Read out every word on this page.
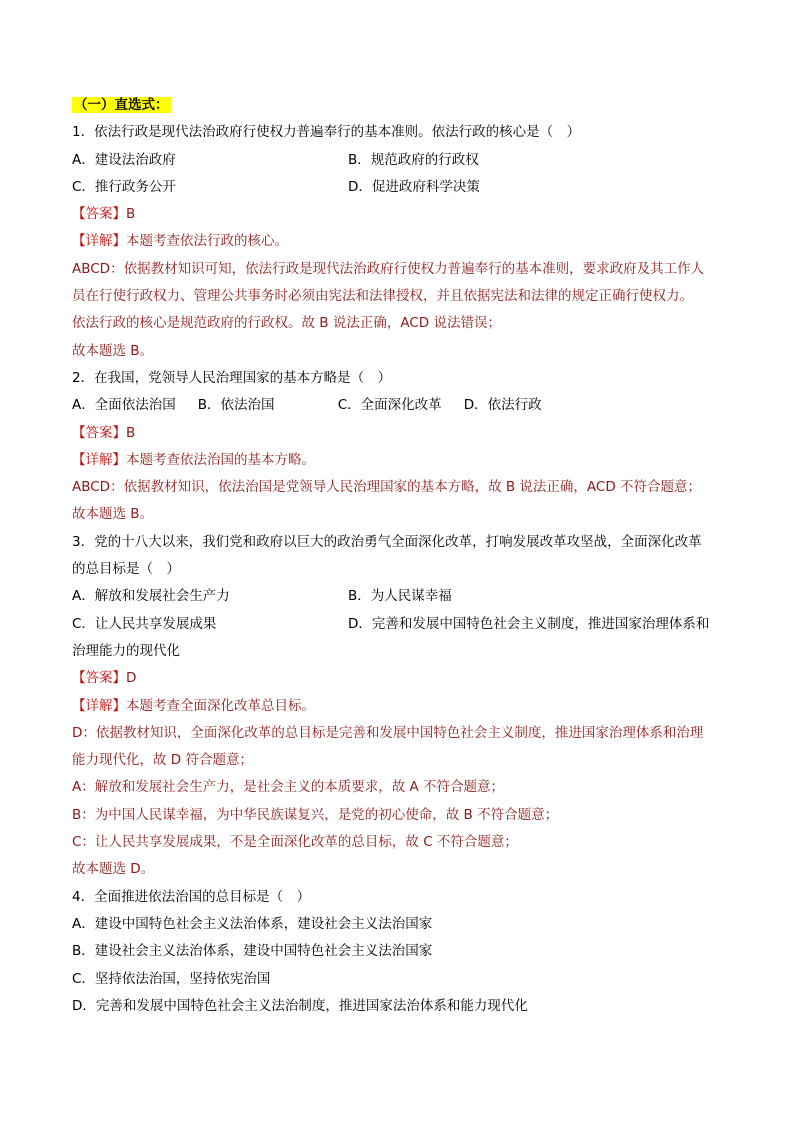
（一）直选式：
1．依法行政是现代法治政府行使权力普遍奉行的基本准则。依法行政的核心是（　）
A．建设法治政府	B．规范政府的行政权
C．推行政务公开	D．促进政府科学决策
【答案】B
【详解】本题考查依法行政的核心。
ABCD：依据教材知识可知，依法行政是现代法治政府行使权力普遍奉行的基本准则，要求政府及其工作人
员在行使行政权力、管理公共事务时必须由宪法和法律授权，并且依据宪法和法律的规定正确行使权力。
依法行政的核心是规范政府的行政权。故 B 说法正确，ACD 说法错误；
故本题选 B。
2．在我国，党领导人民治理国家的基本方略是（　）
A．全面依法治国 B．依法治国	C．全面深化改革 D．依法行政
【答案】B
【详解】本题考查依法治国的基本方略。
ABCD：依据教材知识，依法治国是党领导人民治理国家的基本方略，故 B 说法正确，ACD 不符合题意；
故本题选 B。
3．党的十八大以来，我们党和政府以巨大的政治勇气全面深化改革，打响发展改革攻坚战，全面深化改革
的总目标是（　）
A．解放和发展社会生产力	B．为人民谋幸福
C．让人民共享发展成果	D．完善和发展中国特色社会主义制度，推进国家治理体系和
治理能力的现代化
【答案】D
【详解】本题考查全面深化改革总目标。
D：依据教材知识，全面深化改革的总目标是完善和发展中国特色社会主义制度，推进国家治理体系和治理
能力现代化，故 D 符合题意；
A：解放和发展社会生产力，是社会主义的本质要求，故 A 不符合题意；
B：为中国人民谋幸福，为中华民族谋复兴，是党的初心使命，故 B 不符合题意；
C：让人民共享发展成果，不是全面深化改革的总目标，故 C 不符合题意；
故本题选 D。
4．全面推进依法治国的总目标是（　）
A．建设中国特色社会主义法治体系，建设社会主义法治国家
B．建设社会主义法治体系，建设中国特色社会主义法治国家
C．坚持依法治国，坚持依宪治国
D．完善和发展中国特色社会主义法治制度，推进国家法治体系和能力现代化
